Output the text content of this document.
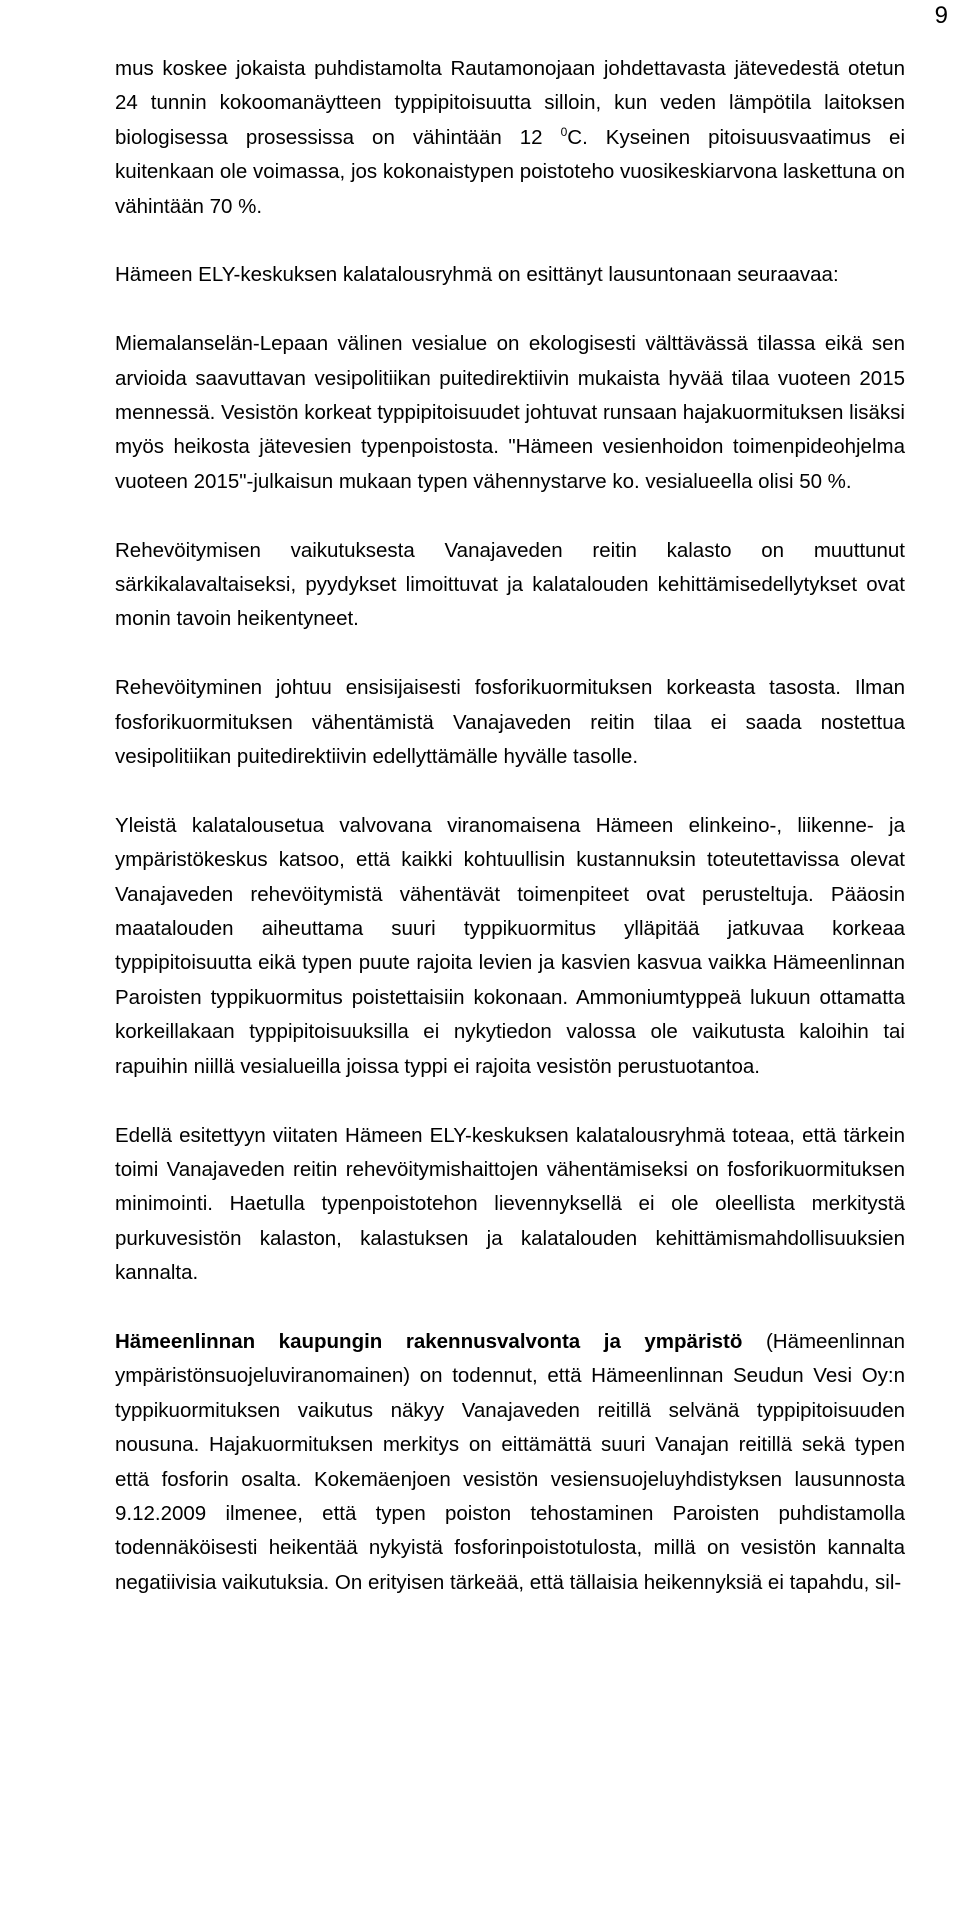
9

mus koskee jokaista puhdistamolta Rautamonojaan johdettavasta jätevedestä otetun 24 tunnin kokoomanäytteen typpipitoisuutta silloin, kun veden lämpötila laitoksen biologisessa prosessissa on vähintään 12 $^0$C. Kyseinen pitoisuusvaatimus ei kuitenkaan ole voimassa, jos kokonaistypen poistoteho vuosikeskiarvona laskettuna on vähintään 70 %.

Hämeen ELY-keskuksen kalatalousryhmä on esittänyt lausuntonaan seuraavaa:

Miemalanselän-Lepaan välinen vesialue on ekologisesti välttävässä tilassa eikä sen arvioida saavuttavan vesipolitiikan puitedirektiivin mukaista hyvää tilaa vuoteen 2015 mennessä. Vesistön korkeat typpipitoisuudet johtuvat runsaan hajakuormituksen lisäksi myös heikosta jätevesien typenpoistosta. "Hämeen vesienhoidon toimenpideohjelma vuoteen 2015"-julkaisun mukaan typen vähennystarve ko. vesialueella olisi 50 %.

Rehevöitymisen vaikutuksesta Vanajaveden reitin kalasto on muuttunut särkikalavaltaiseksi, pyydykset limoittuvat ja kalatalouden kehittämisedellytykset ovat monin tavoin heikentyneet.

Rehevöityminen johtuu ensisijaisesti fosforikuormituksen korkeasta tasosta. Ilman fosforikuormituksen vähentämistä Vanajaveden reitin tilaa ei saada nostettua vesipolitiikan puitedirektiivin edellyttämälle hyvälle tasolle.

Yleistä kalatalousetua valvovana viranomaisena Hämeen elinkeino-, liikenne- ja ympäristökeskus katsoo, että kaikki kohtuullisin kustannuksin toteutettavissa olevat Vanajaveden rehevöitymistä vähentävät toimenpiteet ovat perusteltuja. Pääosin maatalouden aiheuttama suuri typpikuormitus ylläpitää jatkuvaa korkeaa typpipitoisuutta eikä typen puute rajoita levien ja kasvien kasvua vaikka Hämeenlinnan Paroisten typpikuormitus poistettaisiin kokonaan. Ammoniumtyppeä lukuun ottamatta korkeillakaan typpipitoisuuksilla ei nykytiedon valossa ole vaikutusta kaloihin tai rapuihin niillä vesialueilla joissa typpi ei rajoita vesistön perustuotantoa.

Edellä esitettyyn viitaten Hämeen ELY-keskuksen kalatalousryhmä toteaa, että tärkein toimi Vanajaveden reitin rehevöitymishaittojen vähentämiseksi on fosforikuormituksen minimointi. Haetulla typenpoistotehon lievennyksellä ei ole oleellista merkitystä purkuvesistön kalaston, kalastuksen ja kalatalouden kehittämismahdollisuuksien kannalta.

Hämeenlinnan kaupungin rakennusvalvonta ja ympäristö (Hämeenlinnan ympäristönsuojeluviranomainen) on todennut, että Hämeenlinnan Seudun Vesi Oy:n typpikuormituksen vaikutus näkyy Vanajaveden reitillä selvänä typpipitoisuuden nousuna. Hajakuormituksen merkitys on eittämättä suuri Vanajan reitillä sekä typen että fosforin osalta. Kokemäenjoen vesistön vesiensuojeluyhdistyksen lausunnosta 9.12.2009 ilmenee, että typen poiston tehostaminen Paroisten puhdistamolla todennäköisesti heikentää nykyistä fosforinpoistotulosta, millä on vesistön kannalta negatiivisia vaikutuksia. On erityisen tärkeää, että tällaisia heikennyksiä ei tapahdu, sil-
